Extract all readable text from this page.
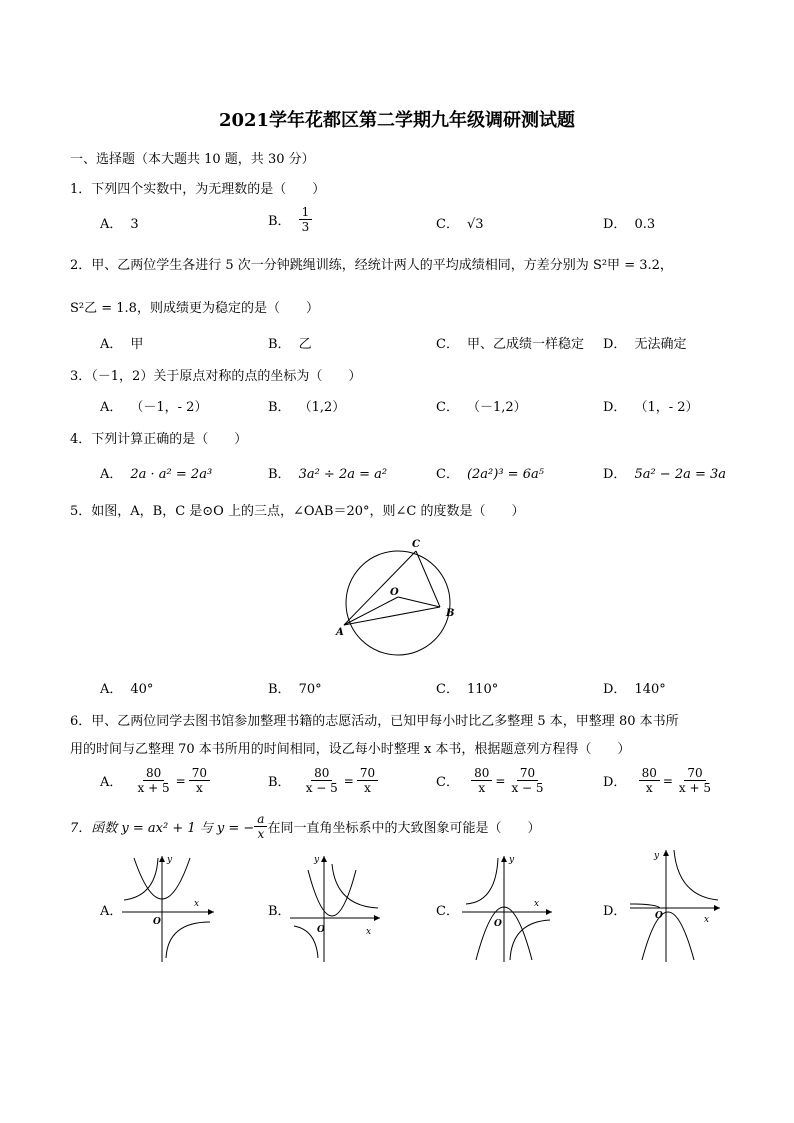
2021学年花都区第二学期九年级调研测试题
一、选择题（本大题共 10 题，共 30 分）
1．下列四个实数中，为无理数的是（　　）
A． 3	B． $\frac{1}{3}$	C． √3	D． 0.3
2．甲、乙两位学生各进行 5 次一分钟跳绳训练，经统计两人的平均成绩相同，方差分别为 S²甲 = 3.2，
S²乙 = 1.8，则成绩更为稳定的是（　　）
A． 甲	B． 乙	C． 甲、乙成绩一样稳定 D． 无法确定
3．（－1，2）关于原点对称的点的坐标为（　　）
A． （－1，- 2）	B． （1,2）	C． （－1,2）	D． （1，- 2）
4．下列计算正确的是（　　）
A． 2a · a² = 2a³	B． 3a² ÷ 2a = a²	C． (2a²)³ = 6a⁵	D． 5a² − 2a = 3a
5．如图，A，B，C 是⊙O 上的三点，∠OAB＝20°，则∠C 的度数是（　　）
A
B
C
O
A． 40°	B． 70°	C． 110°	D． 140°
6．甲、乙两位同学去图书馆参加整理书籍的志愿活动，已知甲每小时比乙多整理 5 本，甲整理 80 本书所
用的时间与乙整理 70 本书所用的时间相同，设乙每小时整理 x 本书，根据题意列方程得（　　）
A． $\frac{80}{x + 5} = \frac{70}{x}$	B． $\frac{80}{x - 5} = \frac{70}{x}$	C． $\frac{80}{x} = \frac{70}{x - 5}$	D． $\frac{80}{x} = \frac{70}{x + 5}$
7．函数 y = ax² + 1 与 y = − $\frac{a}{x}$ 在同一直角坐标系中的大致图象可能是（　　）
A．	x
y
O
B．
x
y
O
C．	x
y
O
D．
x
y
O
